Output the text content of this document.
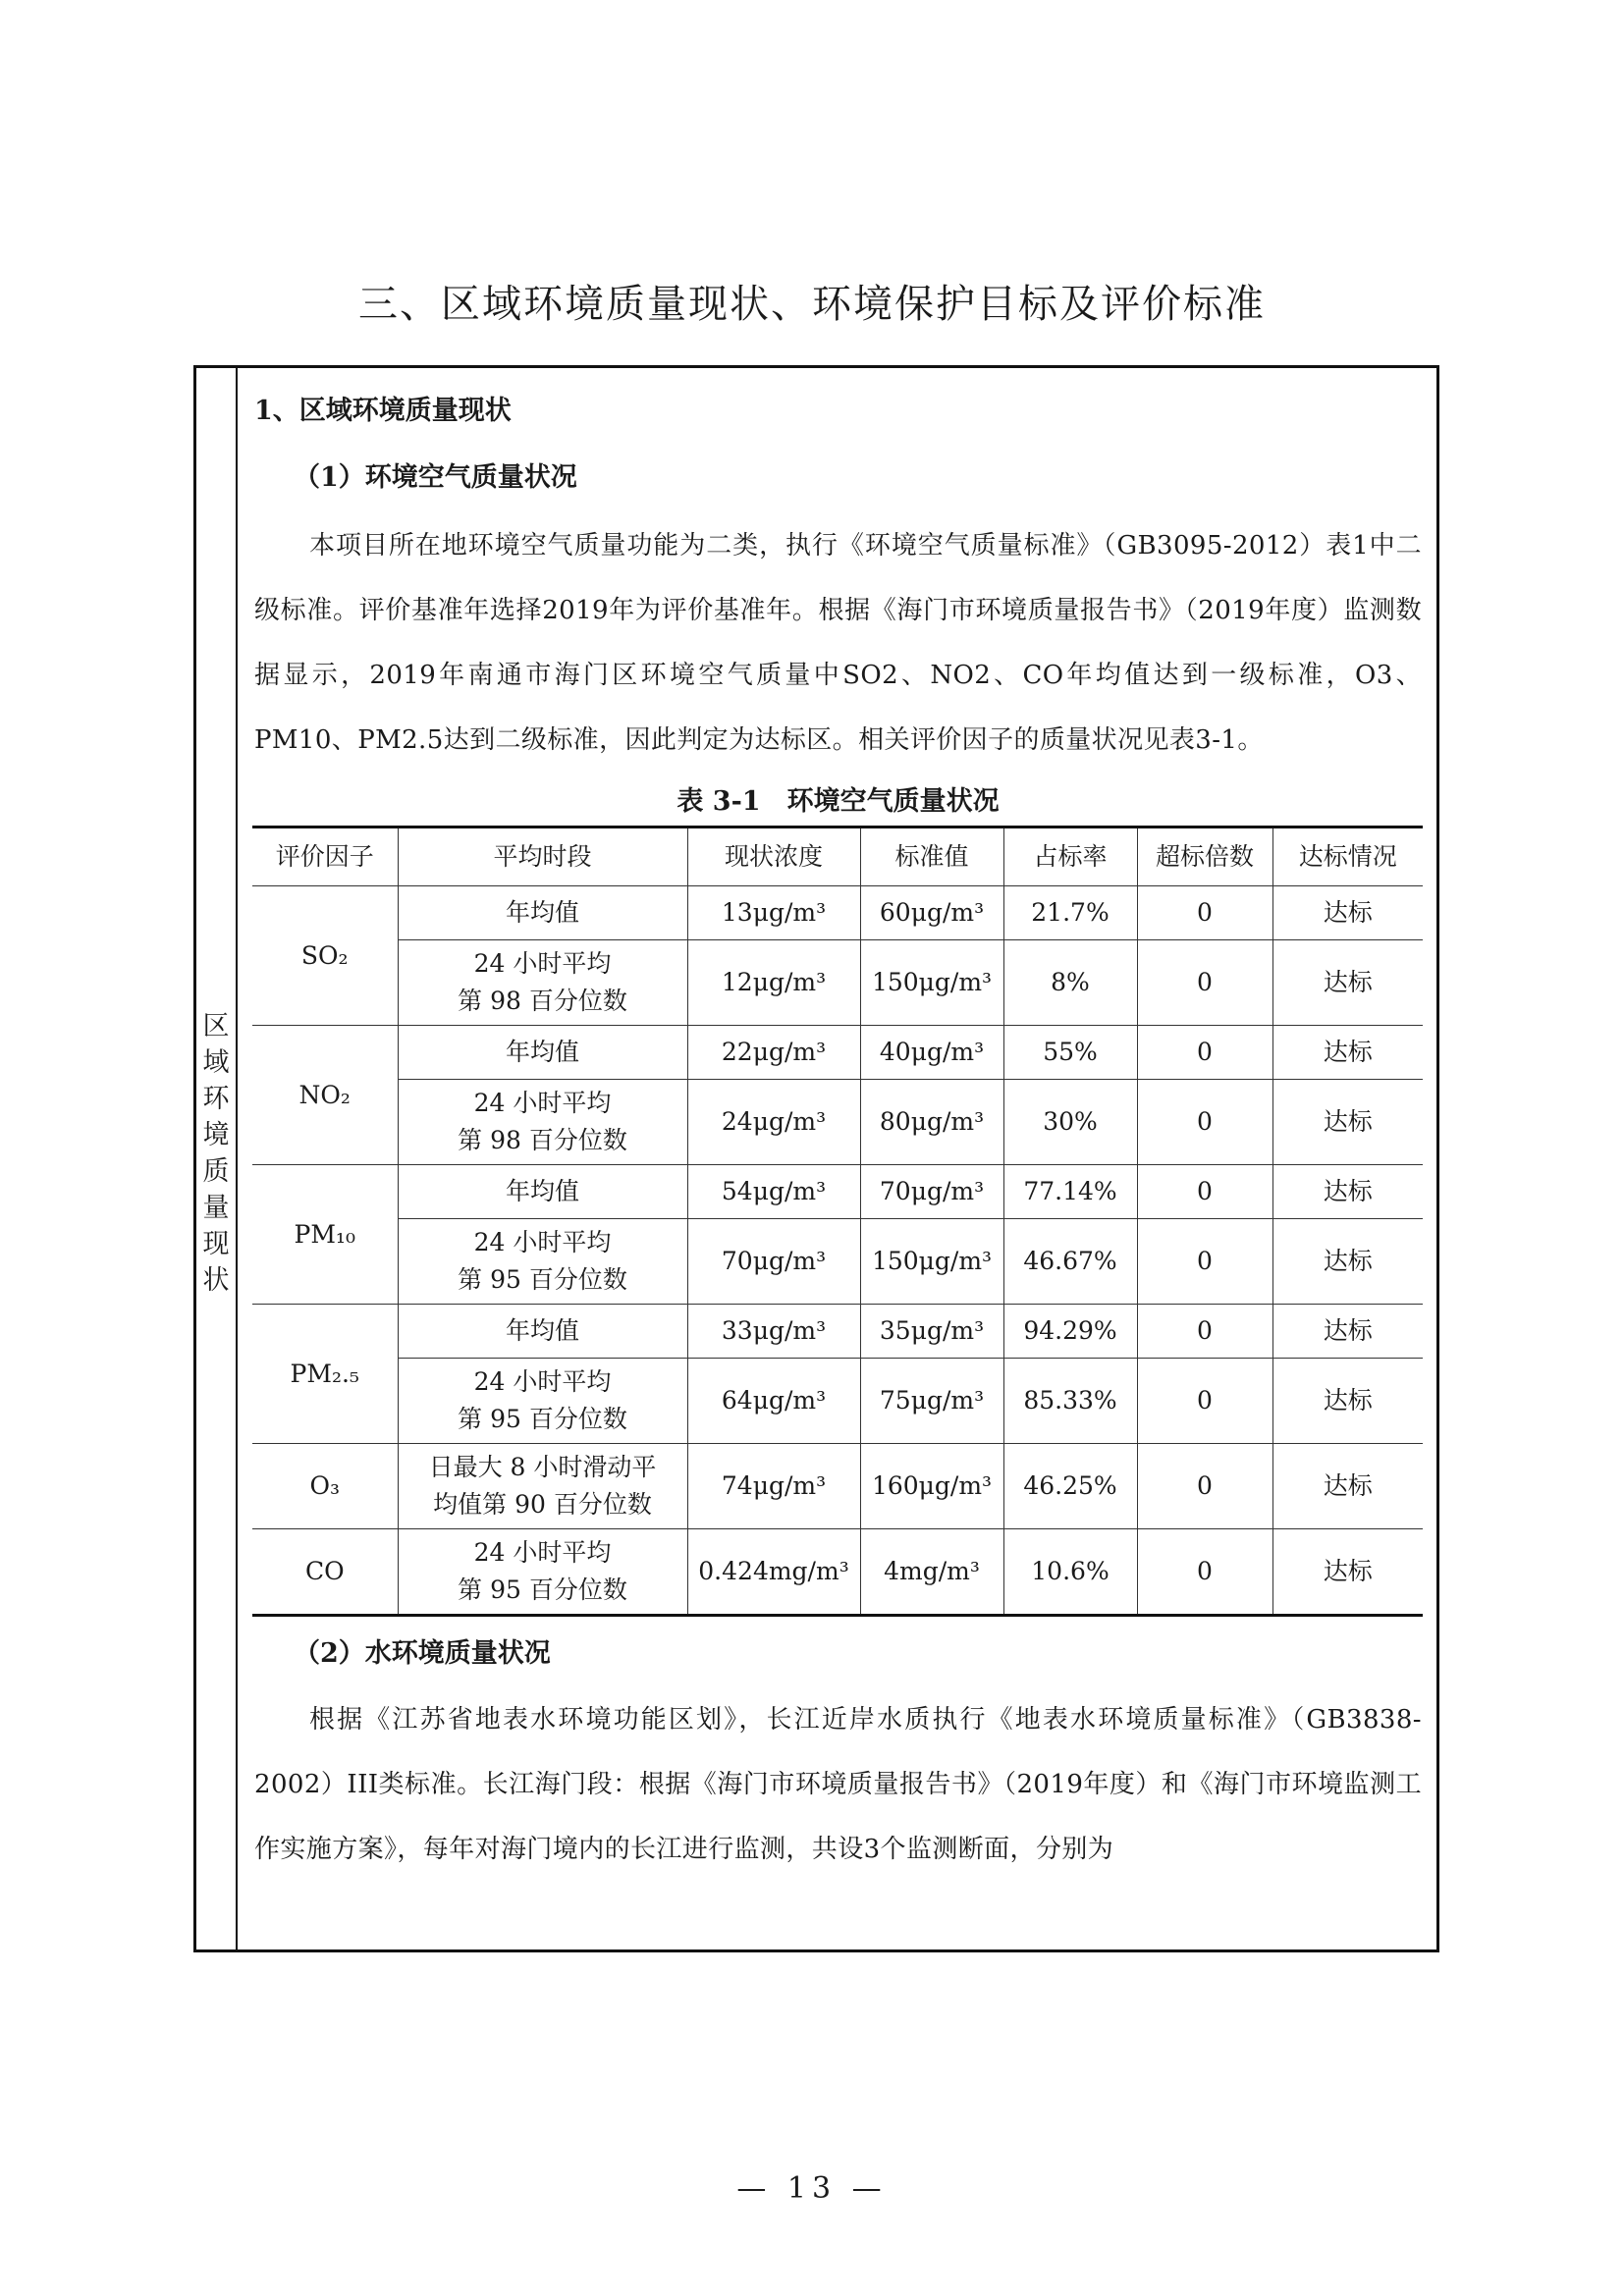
三、区域环境质量现状、环境保护目标及评价标准
区域环境质量现状
1、区域环境质量现状
（1）环境空气质量状况

本项目所在地环境空气质量功能为二类，执行《环境空气质量标准》（GB3095-2012）表1中二级标准。评价基准年选择2019年为评价基准年。根据《海门市环境质量报告书》（2019年度）监测数据显示，2019年南通市海门区环境空气质量中SO2、NO2、CO年均值达到一级标准，O3、PM10、PM2.5达到二级标准，因此判定为达标区。相关评价因子的质量状况见表3-1。

表 3-1　环境空气质量状况
评价因子	平均时段	现状浓度	标准值	占标率	超标倍数	达标情况
SO₂	年均值	13μg/m³	60μg/m³	21.7%	0	达标
	24 小时平均
第 98 百分位数	12μg/m³	150μg/m³	8%	0	达标
NO₂	年均值	22μg/m³	40μg/m³	55%	0	达标
	24 小时平均
第 98 百分位数	24μg/m³	80μg/m³	30%	0	达标
PM₁₀	年均值	54μg/m³	70μg/m³	77.14%	0	达标
	24 小时平均
第 95 百分位数	70μg/m³	150μg/m³	46.67%	0	达标
PM₂.₅	年均值	33μg/m³	35μg/m³	94.29%	0	达标
	24 小时平均
第 95 百分位数	64μg/m³	75μg/m³	85.33%	0	达标
O₃	日最大 8 小时滑动平
均值第 90 百分位数	74μg/m³	160μg/m³	46.25%	0	达标
CO	24 小时平均
第 95 百分位数	0.424mg/m³	4mg/m³	10.6%	0	达标
（2）水环境质量状况

根据《江苏省地表水环境功能区划》，长江近岸水质执行《地表水环境质量标准》（GB3838-2002）III类标准。长江海门段：根据《海门市环境质量报告书》（2019年度）和《海门市环境监测工作实施方案》，每年对海门境内的长江进行监测，共设3个监测断面，分别为

— 13 —
